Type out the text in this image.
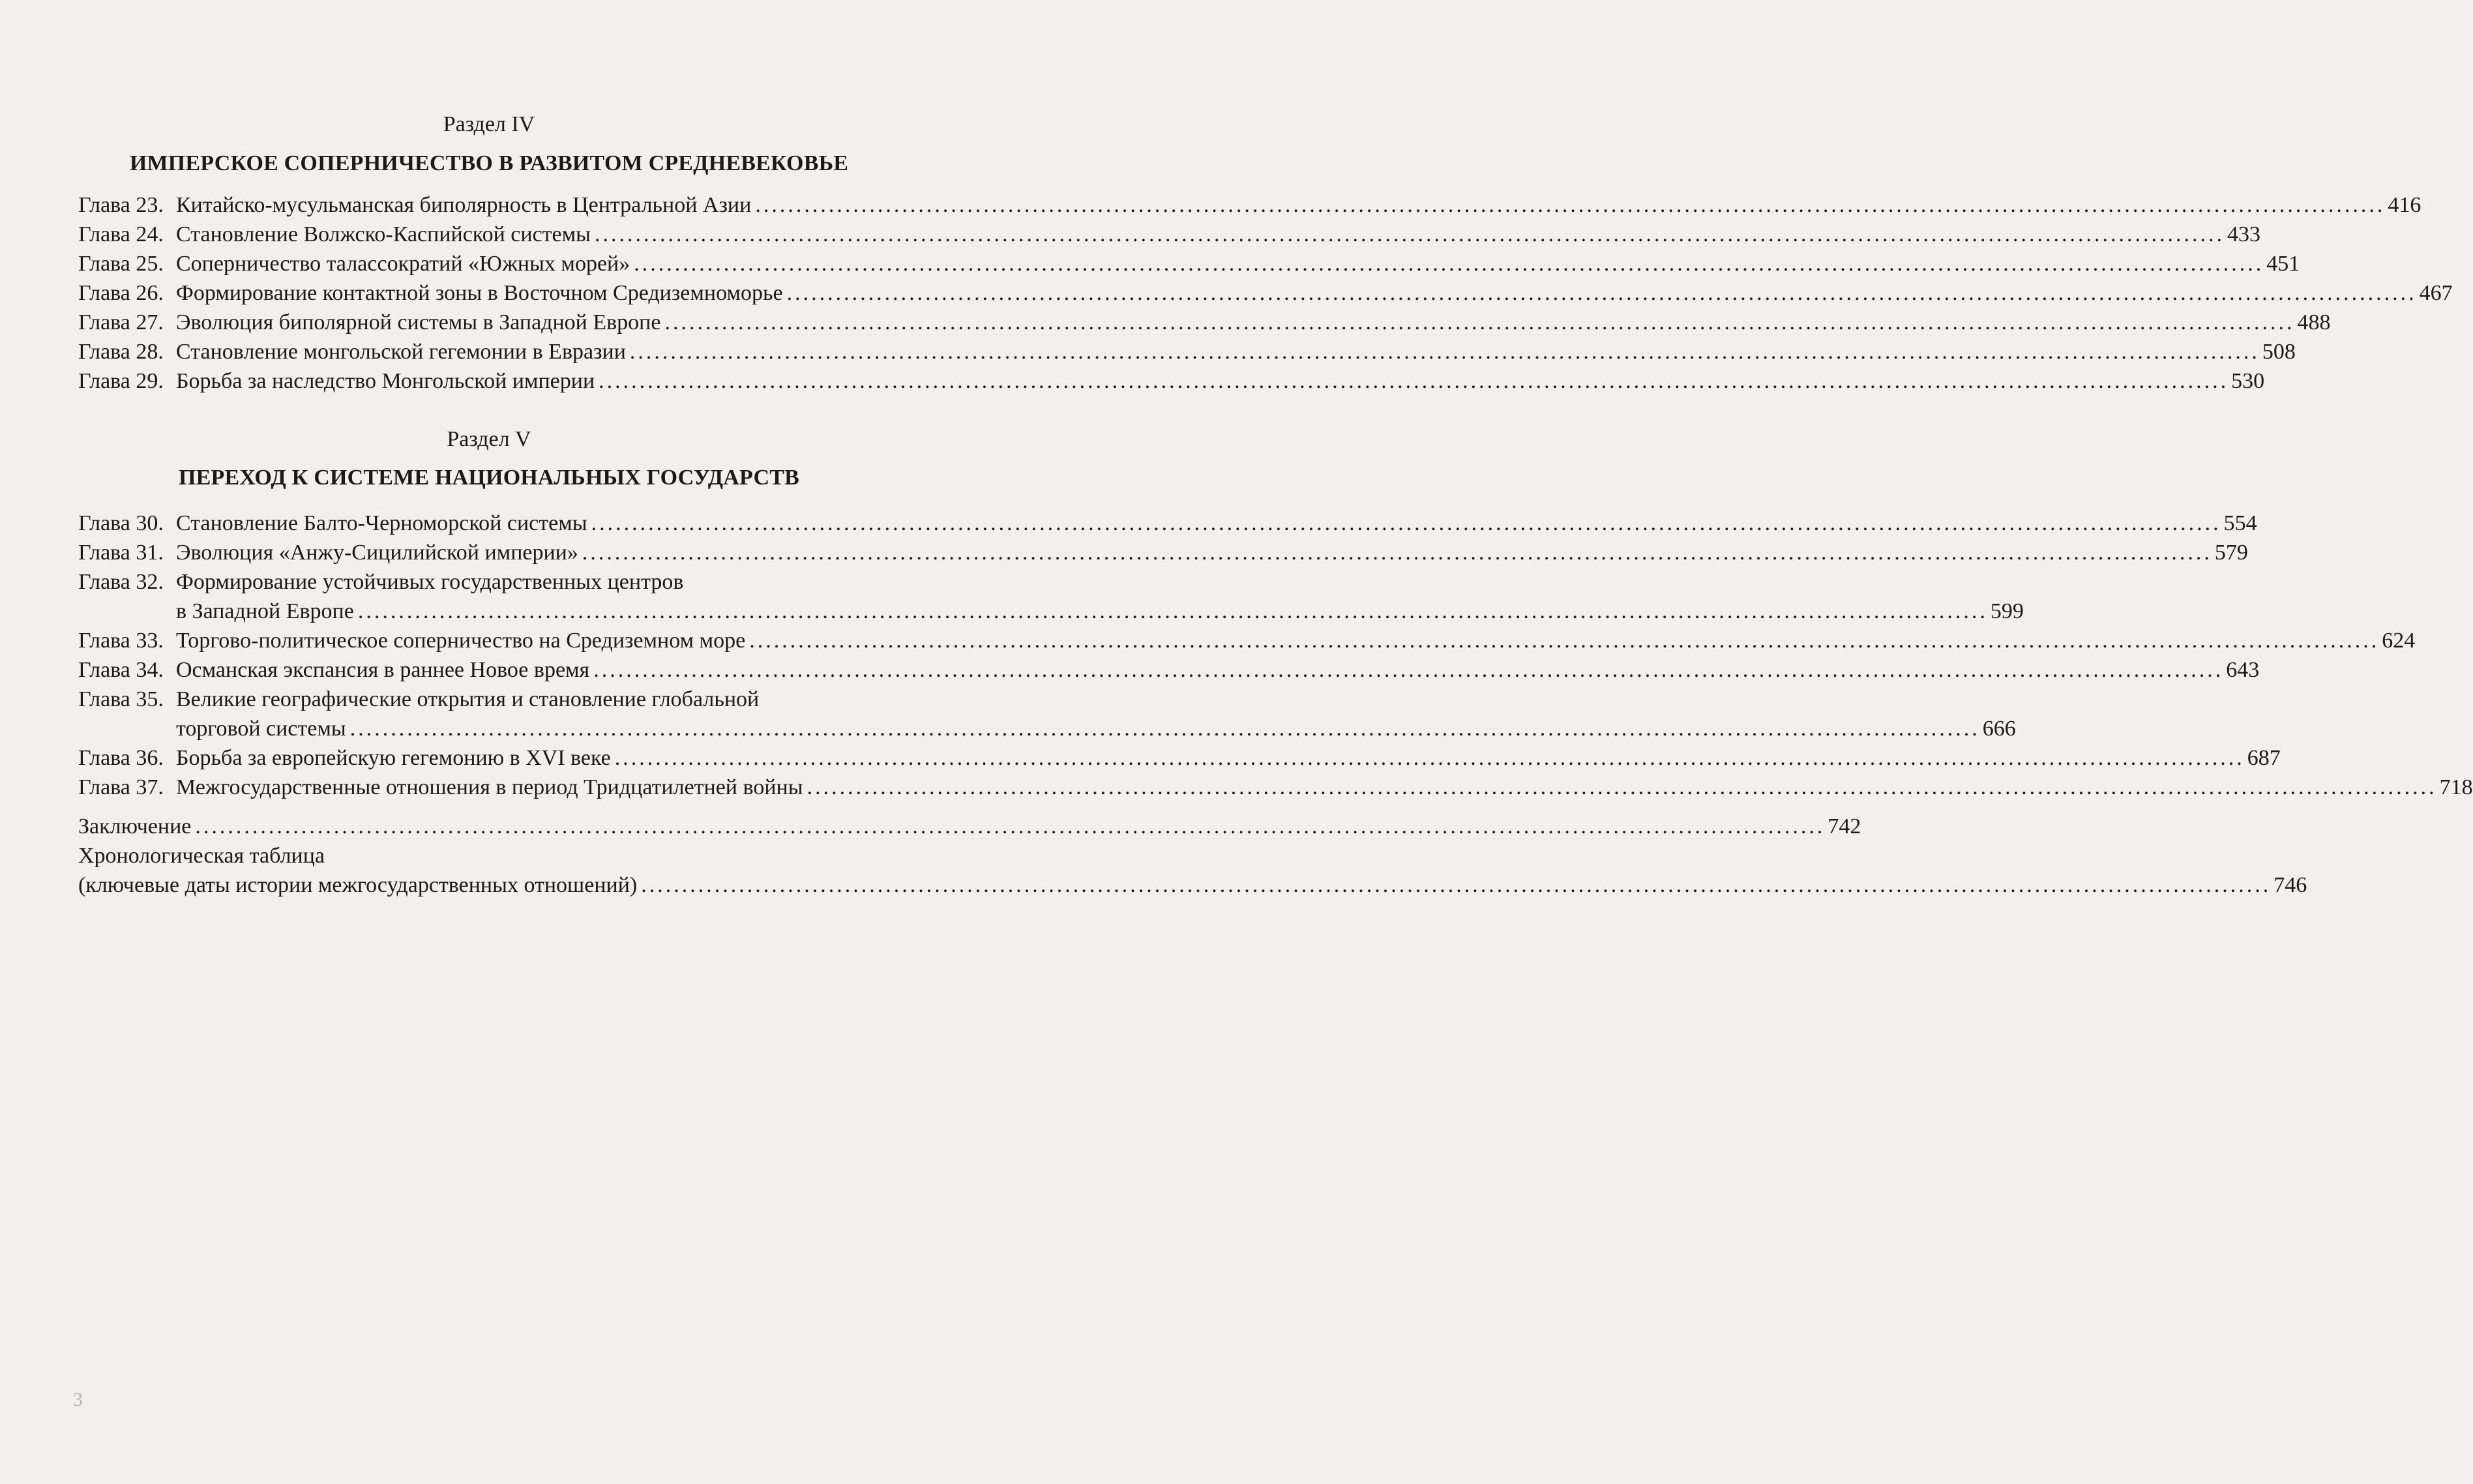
Раздел IV
ИМПЕРСКОЕ СОПЕРНИЧЕСТВО В РАЗВИТОМ СРЕДНЕВЕКОВЬЕ
Глава 23. Китайско-мусульманская биполярность в Центральной Азии ........................................................................................................................................................................................................ 416
Глава 24. Становление Волжско-Каспийской системы ........................................................................................................................................................................................................ 433
Глава 25. Соперничество талассократий «Южных морей» ........................................................................................................................................................................................................ 451
Глава 26. Формирование контактной зоны в Восточном Средиземноморье ........................................................................................................................................................................................................ 467
Глава 27. Эволюция биполярной системы в Западной Европе ........................................................................................................................................................................................................ 488
Глава 28. Становление монгольской гегемонии в Евразии ........................................................................................................................................................................................................ 508
Глава 29. Борьба за наследство Монгольской империи ........................................................................................................................................................................................................ 530
Раздел V
ПЕРЕХОД К СИСТЕМЕ НАЦИОНАЛЬНЫХ ГОСУДАРСТВ
Глава 30. Становление Балто-Черноморской системы ........................................................................................................................................................................................................ 554
Глава 31. Эволюция «Анжу-Сицилийской империи» ........................................................................................................................................................................................................ 579
Глава 32. Формирование устойчивых государственных центров
в Западной Европе ........................................................................................................................................................................................................ 599
Глава 33. Торгово-политическое соперничество на Средиземном море ........................................................................................................................................................................................................ 624
Глава 34. Османская экспансия в раннее Новое время ........................................................................................................................................................................................................ 643
Глава 35. Великие географические открытия и становление глобальной
торговой системы ........................................................................................................................................................................................................ 666
Глава 36. Борьба за европейскую гегемонию в XVI веке ........................................................................................................................................................................................................ 687
Глава 37. Межгосударственные отношения в период Тридцатилетней войны ........................................................................................................................................................................................................ 718
Заключение ........................................................................................................................................................................................................ 742
Хронологическая таблица
(ключевые даты истории межгосударственных отношений) ........................................................................................................................................................................................................ 746
3
